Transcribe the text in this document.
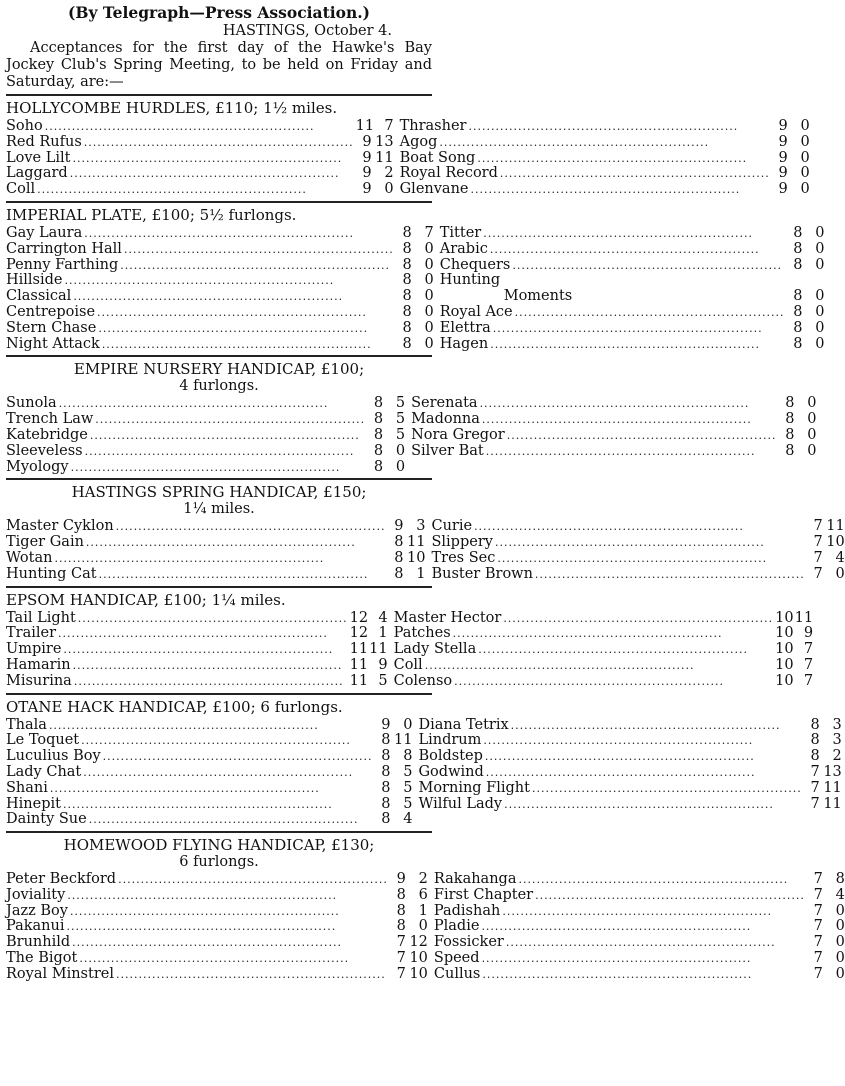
(By Telegraph—Press Association.)
HASTINGS, October 4.
Acceptances for the first day of the Hawke's Bay Jockey Club's Spring Meeting, to be held on Friday and Saturday, are:—
HOLLYCOMBE HURDLES, £110; 1½ miles.
Soho .....	11 7
Red Rufus .....	9 13
Love Lilt .....	9 11
Laggard .....	9 2
Coll .....	9 0
Thrasher .....	9 0
Agog .....	9 0
Boat Song .....	9 0
Royal Record .....	9 0
Glenvane .....	9 0
IMPERIAL PLATE, £100; 5½ furlongs.
Gay Laura .....	8 7
Carrington Hall .....	8 0
Penny Farthing .....	8 0
Hillside .....	8 0
Classical .....	8 0
Centrepoise .....	8 0
Stern Chase .....	8 0
Night Attack .....	8 0
Titter .....	8 0
Arabic .....	8 0
Chequers .....	8 0
Hunting
Moments	8 0
Royal Ace .....	8 0
Elettra .....	8 0
Hagen .....	8 0
EMPIRE NURSERY HANDICAP, £100;
4 furlongs.
Sunola .....	8 5
Trench Law .....	8 5
Katebridge .....	8 5
Sleeveless .....	8 0
Myology .....	8 0
Serenata .....	8 0
Madonna .....	8 0
Nora Gregor .....	8 0
Silver Bat .....	8 0
HASTINGS SPRING HANDICAP, £150;
1¼ miles.
Master Cyklon .....	9 3
Tiger Gain .....	8 11
Wotan .....	8 10
Hunting Cat .....	8 1
Curie .....	7 11
Slippery .....	7 10
Tres Sec .....	7 4
Buster Brown .....	7 0
EPSOM HANDICAP, £100; 1¼ miles.
Tail Light .....	12 4
Trailer .....	12 1
Umpire .....	11 11
Hamarin .....	11 9
Misurina .....	11 5
Master Hector .....	10 11
Patches .....	10 9
Lady Stella .....	10 7
Coll .....	10 7
Colenso .....	10 7
OTANE HACK HANDICAP, £100; 6 furlongs.
Thala .....	9 0
Le Toquet .....	8 11
Luculius Boy .....	8 8
Lady Chat .....	8 5
Shani .....	8 5
Hinepit .....	8 5
Dainty Sue .....	8 4
Diana Tetrix .....	8 3
Lindrum .....	8 3
Boldstep .....	8 2
Godwind .....	7 13
Morning Flight .....	7 11
Wilful Lady .....	7 11
HOMEWOOD FLYING HANDICAP, £130;
6 furlongs.
Peter Beckford .....	9 2
Joviality .....	8 6
Jazz Boy .....	8 1
Pakanui .....	8 0
Brunhild .....	7 12
The Bigot .....	7 10
Royal Minstrel .....	7 10
Rakahanga .....	7 8
First Chapter .....	7 4
Padishah .....	7 0
Pladie .....	7 0
Fossicker .....	7 0
Speed .....	7 0
Cullus .....	7 0
